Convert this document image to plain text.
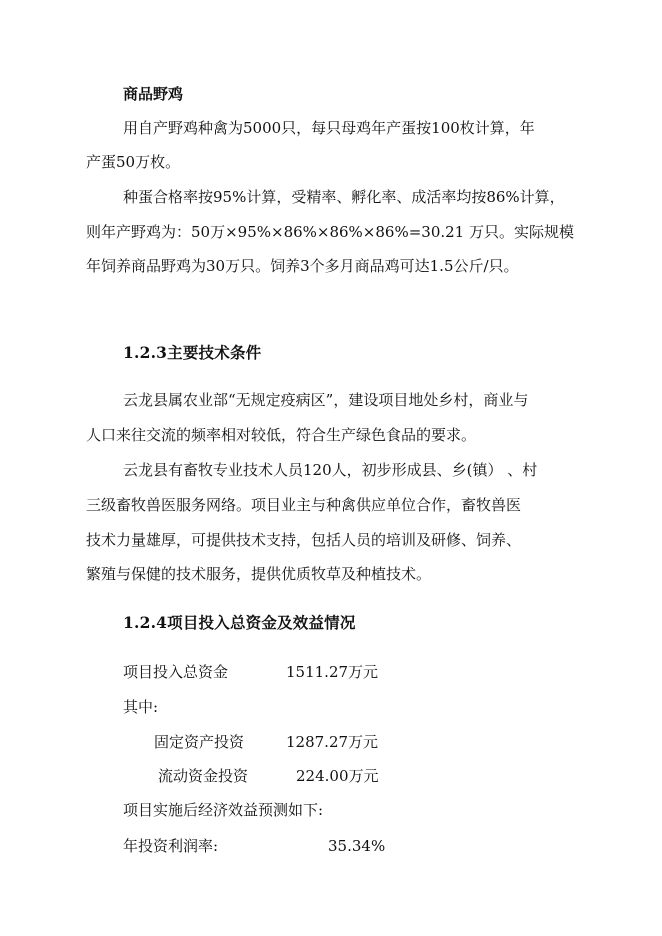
商品野鸡
用自产野鸡种禽为5000只，每只母鸡年产蛋按100枚计算，年
产蛋50万枚。
种蛋合格率按95%计算，受精率、孵化率、成活率均按86%计算，
则年产野鸡为：50万×95%×86%×86%×86%=30.21 万只。实际规模
年饲养商品野鸡为30万只。饲养3个多月商品鸡可达1.5公斤/只。
1.2.3主要技术条件
云龙县属农业部“无规定疫病区”，建设项目地处乡村，商业与
人口来往交流的频率相对较低，符合生产绿色食品的要求。
云龙县有畜牧专业技术人员120人，初步形成县、乡(镇） 、村
三级畜牧兽医服务网络。项目业主与种禽供应单位合作，畜牧兽医
技术力量雄厚，可提供技术支持，包括人员的培训及研修、饲养、
繁殖与保健的技术服务，提供优质牧草及种植技术。
1.2.4项目投入总资金及效益情况
项目投入总资金	1511.27万元
其中:
固定资产投资	1287.27万元
流动资金投资	224.00万元
项目实施后经济效益预测如下:
年投资利润率:	35.34%
